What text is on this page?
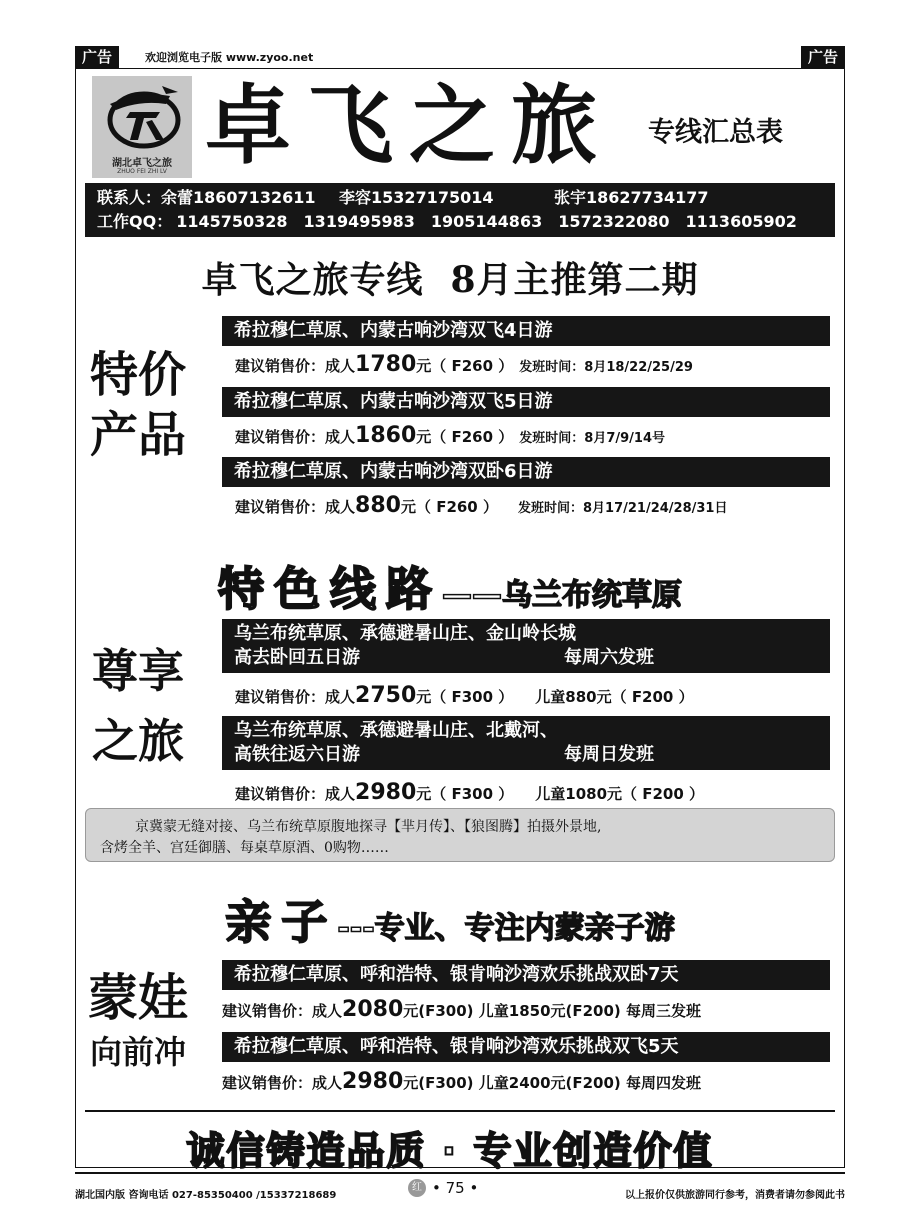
广告	欢迎浏览电子版 www.zyoo.net	广告
湖北卓飞之旅
ZHUO FEI ZHI LV 卓飞之旅 专线汇总表
联系人：余蕾18607132611 李容15327175014	张宇18627734177
工作QQ： 1145750328 1319495983 1905144863 1572322080 1113605902
卓飞之旅专线  8月主推第二期
特价
产品
希拉穆仁草原、内蒙古响沙湾双飞4日游
建议销售价：成人1780元（ F260 ） 发班时间：8月18/22/25/29
希拉穆仁草原、内蒙古响沙湾双飞5日游
建议销售价：成人1860元（ F260 ） 发班时间：8月7/9/14号
希拉穆仁草原、内蒙古响沙湾双卧6日游
建议销售价：成人880元（ F260 ） 发班时间：8月17/21/24/28/31日
特色线路——乌兰布统草原
尊享
之旅
乌兰布统草原、承德避暑山庄、金山岭长城
高去卧回五日游	每周六发班
建议销售价：成人2750元（ F300 ） 儿童880元（ F200 ）
乌兰布统草原、承德避暑山庄、北戴河、
高铁往返六日游	每周日发班
建议销售价：成人2980元（ F300 ） 儿童1080元（ F200 ）

京冀蒙无缝对接、乌兰布统草原腹地探寻【芈月传】、【狼图腾】拍摄外景地,

含烤全羊、宫廷御膳、每桌草原酒、0购物……
亲子---专业、专注内蒙亲子游
蒙娃
向前冲
希拉穆仁草原、呼和浩特、银肯响沙湾欢乐挑战双卧7天
建议销售价：成人2080元(F300) 儿童1850元(F200) 每周三发班
希拉穆仁草原、呼和浩特、银肯响沙湾欢乐挑战双飞5天
建议销售价：成人2980元(F300) 儿童2400元(F200) 每周四发班
诚信铸造品质 · 专业创造价值
湖北国内版 咨询电话 027-85350400 /15337218689
红 • 75 •	以上报价仅供旅游同行参考，消费者请勿参阅此书
